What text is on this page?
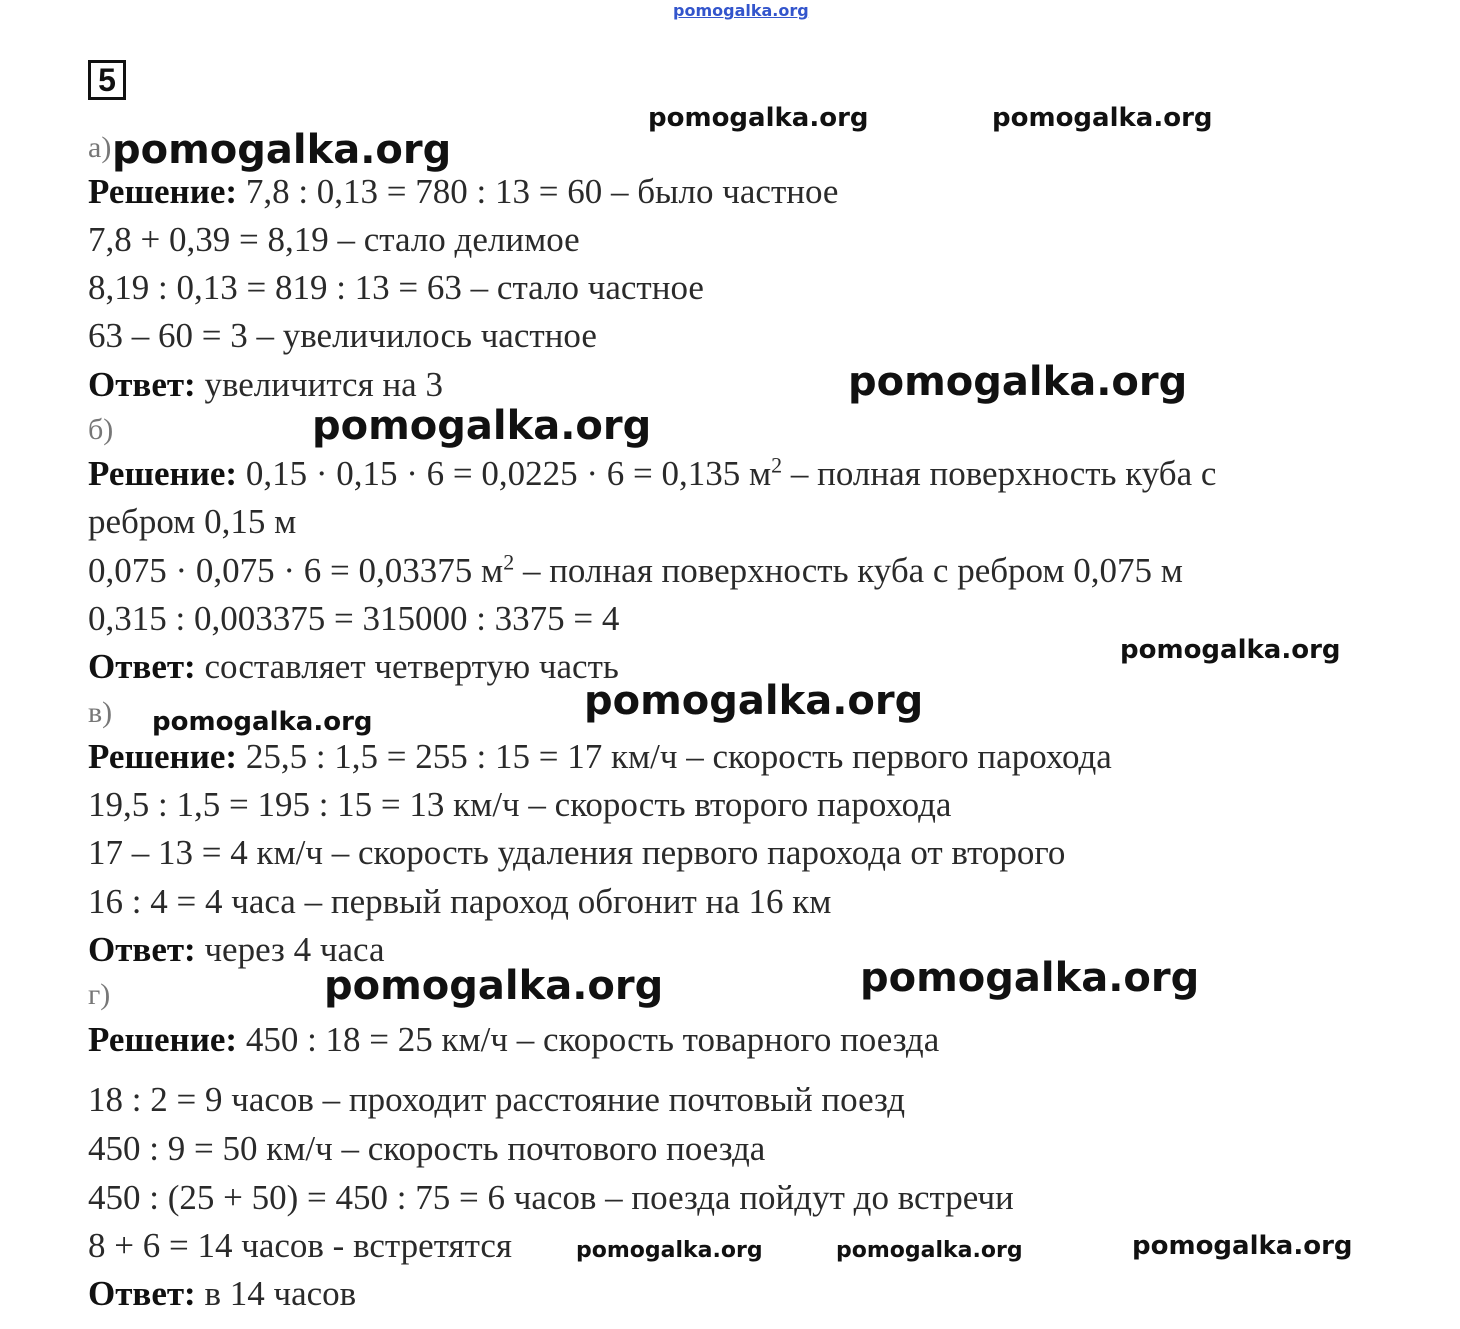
pomogalka.org
5
а)
Решение: 7,8 : 0,13 = 780 : 13 = 60 – было частное
7,8 + 0,39 = 8,19 – стало делимое
8,19 : 0,13 = 819 : 13 = 63 – стало частное
63 – 60 = 3 – увеличилось частное
Ответ: увеличится на 3
б)
Решение: 0,15 · 0,15 · 6 = 0,0225 · 6 = 0,135 $м^2$ – полная поверхность куба с
ребром 0,15 м
0,075 · 0,075 · 6 = 0,03375 $м^2$ – полная поверхность куба с ребром 0,075 м
0,315 : 0,003375 = 315000 : 3375 = 4
Ответ: составляет четвертую часть
в)
Решение: 25,5 : 1,5 = 255 : 15 = 17 км/ч – скорость первого парохода
19,5 : 1,5 = 195 : 15 = 13 км/ч – скорость второго парохода
17 – 13 = 4 км/ч – скорость удаления первого парохода от второго
16 : 4 = 4 часа – первый пароход обгонит на 16 км
Ответ: через 4 часа
г)
Решение: 450 : 18 = 25 км/ч – скорость товарного поезда
18 : 2 = 9 часов – проходит расстояние почтовый поезд
450 : 9 = 50 км/ч – скорость почтового поезда
450 : (25 + 50) = 450 : 75 = 6 часов – поезда пойдут до встречи
8 + 6 = 14 часов - встретятся
Ответ: в 14 часов
pomogalka.org
pomogalka.org	pomogalka.org
pomogalka.org
pomogalka.org
pomogalka.org
pomogalka.org
pomogalka.org
pomogalka.org
pomogalka.org
pomogalka.org	pomogalka.org	pomogalka.org
